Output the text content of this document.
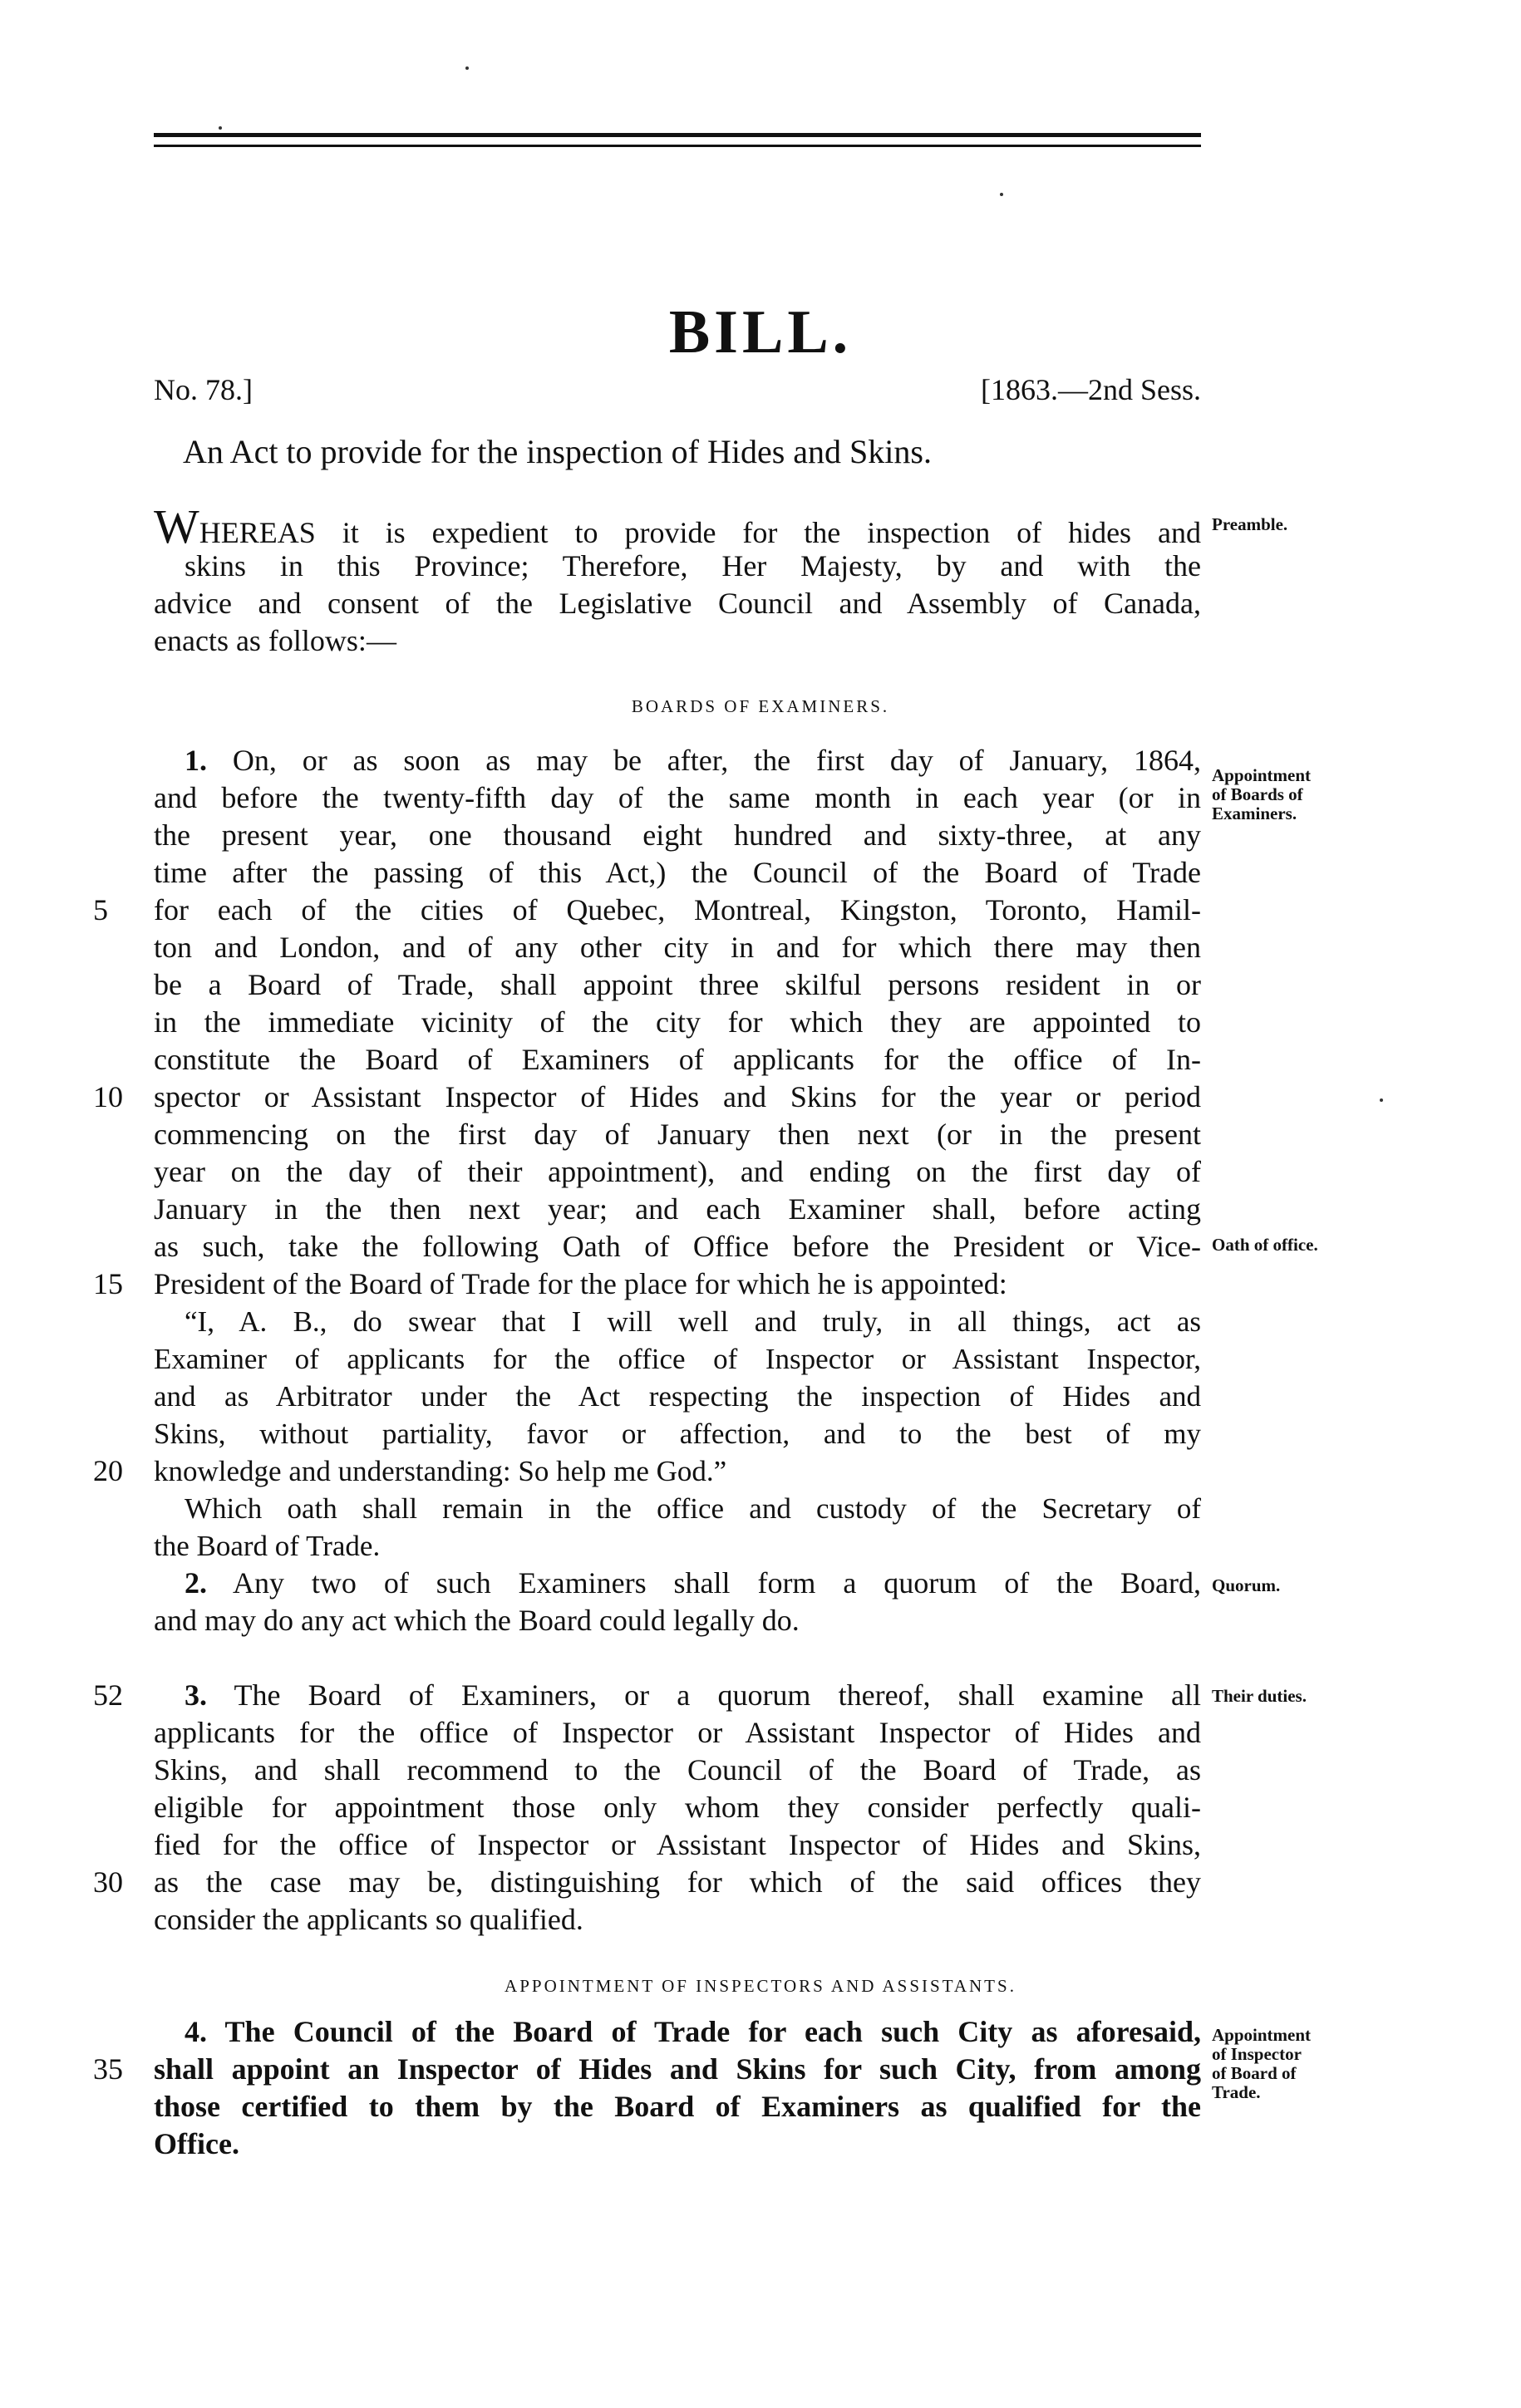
BILL.
No. 78.]	[1863.—2nd Sess.
An Act to provide for the inspection of Hides and Skins.
WHEREAS it is expedient to provide for the inspection of hides and
skins in this Province; Therefore, Her Majesty, by and with the
advice and consent of the Legislative Council and Assembly of Canada,
enacts as follows:—
Preamble.
BOARDS OF EXAMINERS.
1. On, or as soon as may be after, the first day of January, 1864,
and before the twenty-fifth day of the same month in each year (or in
the present year, one thousand eight hundred and sixty-three, at any
time after the passing of this Act,) the Council of the Board of Trade
for each of the cities of Quebec, Montreal, Kingston, Toronto, Hamil-
ton and London, and of any other city in and for which there may then
be a Board of Trade, shall appoint three skilful persons resident in or
in the immediate vicinity of the city for which they are appointed to
constitute the Board of Examiners of applicants for the office of In-
spector or Assistant Inspector of Hides and Skins for the year or period
commencing on the first day of January then next (or in the present
year on the day of their appointment), and ending on the first day of
January in the then next year; and each Examiner shall, before acting
as such, take the following Oath of Office before the President or Vice-
President of the Board of Trade for the place for which he is appointed:
“I, A. B., do swear that I will well and truly, in all things, act as
Examiner of applicants for the office of Inspector or Assistant Inspector,
and as Arbitrator under the Act respecting the inspection of Hides and
Skins, without partiality, favor or affection, and to the best of my
knowledge and understanding: So help me God.”
Which oath shall remain in the office and custody of the Secretary of
the Board of Trade.
Appointment
of Boards of
Examiners.
Oath of office.
5
10
15
20
52
30
35
2. Any two of such Examiners shall form a quorum of the Board,
and may do any act which the Board could legally do.
Quorum.
3. The Board of Examiners, or a quorum thereof, shall examine all
applicants for the office of Inspector or Assistant Inspector of Hides and
Skins, and shall recommend to the Council of the Board of Trade, as
eligible for appointment those only whom they consider perfectly quali-
fied for the office of Inspector or Assistant Inspector of Hides and Skins,
as the case may be, distinguishing for which of the said offices they
consider the applicants so qualified.
Their duties.
APPOINTMENT OF INSPECTORS AND ASSISTANTS.
4. The Council of the Board of Trade for each such City as aforesaid,
shall appoint an Inspector of Hides and Skins for such City, from among
those certified to them by the Board of Examiners as qualified for the
Office.
Appointment
of Inspector
of Board of
Trade.
